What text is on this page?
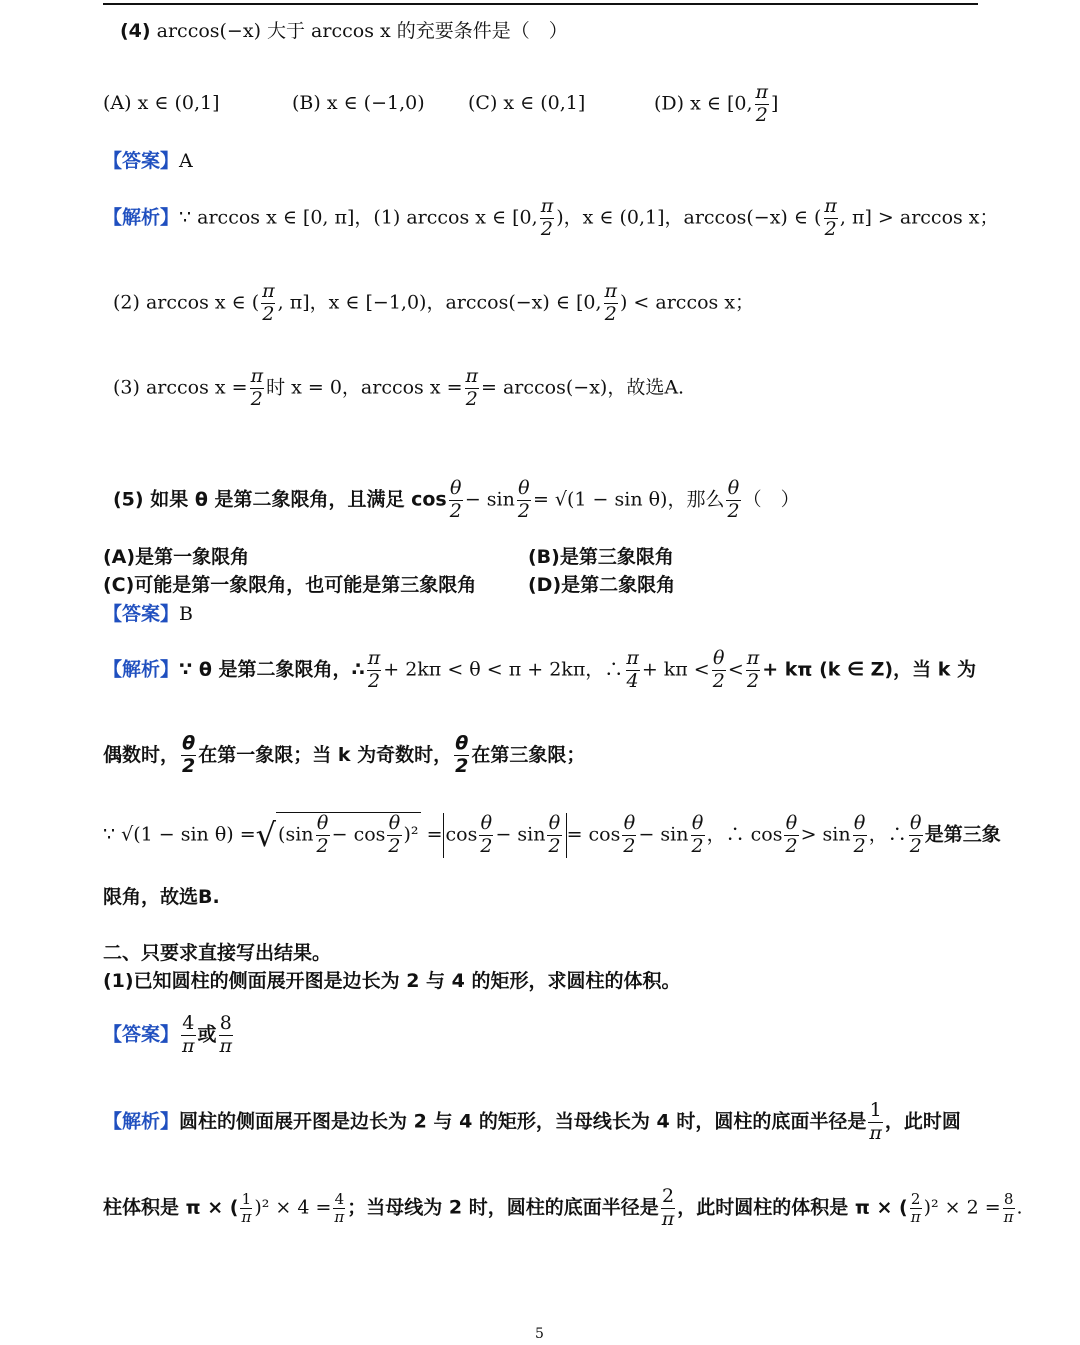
(4) arccos(−x) 大于 arccos x 的充要条件是（　）
(A) x ∈ (0,1]	(B) x ∈ (−1,0) (C) x ∈ (0,1]	(D) x ∈ [0, $\frac{\pi}{2}$ ]
【答案】A
【解析】∵ arccos x ∈ [0, π]，(1) arccos x ∈ [0, $\frac{\pi}{2}$ )，x ∈ (0,1]，arccos(−x) ∈ ( $\frac{\pi}{2}$ , π] > arccos x；
(2) arccos x ∈ ( $\frac{\pi}{2}$ , π]，x ∈ [−1,0)，arccos(−x) ∈ [0, $\frac{\pi}{2}$ ) < arccos x；
(3) $\arccos x = \frac{\pi}{2}$ 时 x = 0，$\arccos x = \frac{\pi}{2} = \arccos(-x)$，故选A.
(5) 如果 θ 是第二象限角，且满足 $\cos \frac{\theta}{2} - \sin \frac{\theta}{2} = √(1 - \sin \theta)$，那么 $\frac{\theta}{2}$ （　）
(A)是第一象限角	(B)是第三象限角
(C)可能是第一象限角，也可能是第三象限角	(D)是第二象限角
【答案】B
【解析】∵ θ 是第二象限角，∴ $\frac{\pi}{2} + 2k\pi < \theta < \pi + 2k\pi$，∴ $\frac{\pi}{4} + k\pi < \frac{\theta}{2} < \frac{\pi}{2} + k\pi$ (k ∈ Z)，当 k 为
偶数时， $\frac{\theta}{2}$ 在第一象限；当 k 为奇数时， $\frac{\theta}{2}$ 在第三象限；
∵ √(1 − sin θ) =√ $(\sin \frac{\theta}{2} - \cos \frac{\theta}{2} )^2 = \cos \frac{\theta}{2} - \sin \frac{\theta}{2} = \cos \frac{\theta}{2} - \sin \frac{\theta}{2}$ ，∴ $\cos \frac{\theta}{2} > \sin \frac{\theta}{2}$ ，∴ $\frac{\theta}{2}$ 是第三象
限角，故选B.
二、只要求直接写出结果。
(1)已知圆柱的侧面展开图是边长为 2 与 4 的矩形，求圆柱的体积。
【答案】 $\frac{4}{\pi}$ 或 $\frac{8}{\pi}$
【解析】圆柱的侧面展开图是边长为 2 与 4 的矩形，当母线长为 4 时，圆柱的底面半径是 $\frac{1}{\pi}$ ，此时圆
柱体积是 π × ( $\frac{1}{\pi} )^2 \times 4 = \frac{4}{\pi}$ ；当母线为 2 时，圆柱的底面半径是 $\frac{2}{\pi}$ ，此时圆柱的体积是 π × ( $\frac{2}{\pi} )^2 \times 2 = \frac{8}{\pi}$ .
5
